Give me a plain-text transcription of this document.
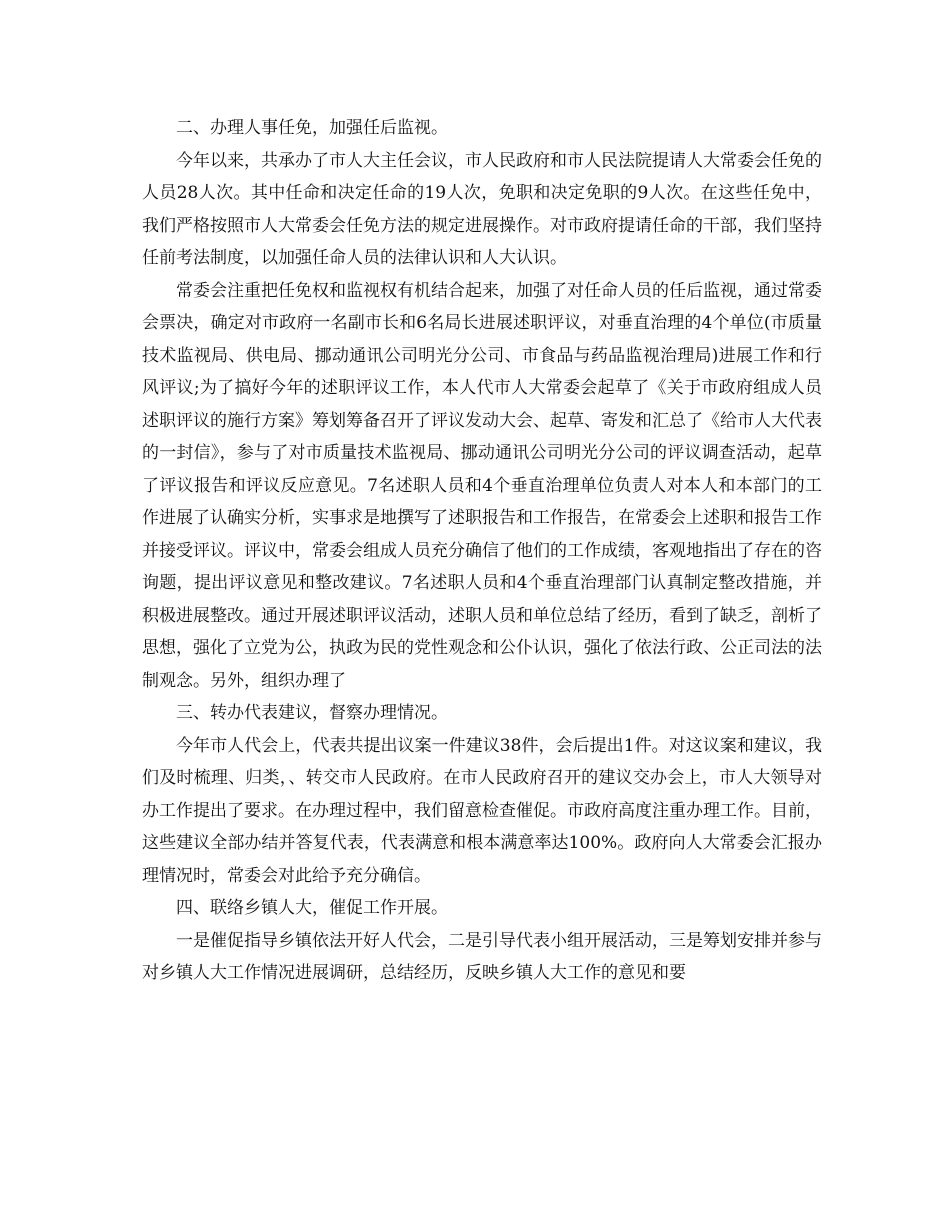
二、办理人事任免，加强任后监视。

今年以来，共承办了市人大主任会议，市人民政府和市人民法院提请人大常委会任免的人员28人次。其中任命和决定任命的19人次，免职和决定免职的9人次。在这些任免中，我们严格按照市人大常委会任免方法的规定进展操作。对市政府提请任命的干部，我们坚持任前考法制度，以加强任命人员的法律认识和人大认识。

常委会注重把任免权和监视权有机结合起来，加强了对任命人员的任后监视，通过常委会票决，确定对市政府一名副市长和6名局长进展述职评议，对垂直治理的4个单位(市质量技术监视局、供电局、挪动通讯公司明光分公司、市食品与药品监视治理局)进展工作和行风评议;为了搞好今年的述职评议工作，本人代市人大常委会起草了《关于市政府组成人员述职评议的施行方案》筹划筹备召开了评议发动大会、起草、寄发和汇总了《给市人大代表的一封信》，参与了对市质量技术监视局、挪动通讯公司明光分公司的评议调查活动，起草了评议报告和评议反应意见。7名述职人员和4个垂直治理单位负责人对本人和本部门的工作进展了认确实分析，实事求是地撰写了述职报告和工作报告，在常委会上述职和报告工作并接受评议。评议中，常委会组成人员充分确信了他们的工作成绩，客观地指出了存在的咨询题，提出评议意见和整改建议。7名述职人员和4个垂直治理部门认真制定整改措施，并积极进展整改。通过开展述职评议活动，述职人员和单位总结了经历，看到了缺乏，剖析了思想，强化了立党为公，执政为民的党性观念和公仆认识，强化了依法行政、公正司法的法制观念。另外，组织办理了

三、转办代表建议，督察办理情况。

今年市人代会上，代表共提出议案一件建议38件，会后提出1件。对这议案和建议，我们及时梳理、归类，、转交市人民政府。在市人民政府召开的建议交办会上，市人大领导对办工作提出了要求。在办理过程中，我们留意检查催促。市政府高度注重办理工作。目前，这些建议全部办结并答复代表，代表满意和根本满意率达100%。政府向人大常委会汇报办理情况时，常委会对此给予充分确信。

四、联络乡镇人大，催促工作开展。

一是催促指导乡镇依法开好人代会，二是引导代表小组开展活动，三是筹划安排并参与对乡镇人大工作情况进展调研，总结经历，反映乡镇人大工作的意见和要
